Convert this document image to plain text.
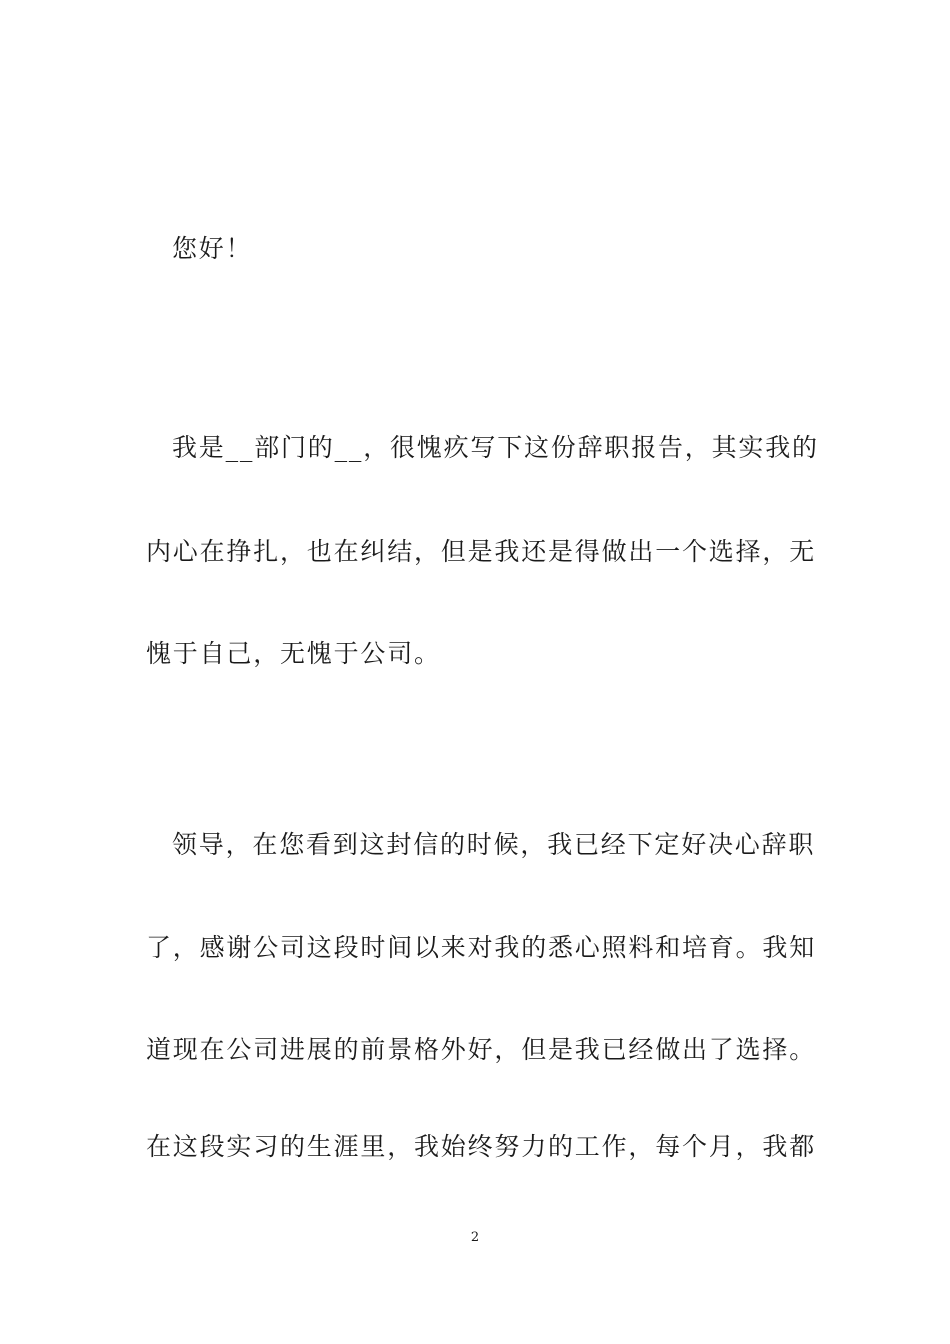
您好！
我是__部门的__，很愧疚写下这份辞职报告，其实我的
内心在挣扎，也在纠结，但是我还是得做出一个选择，无
愧于自己，无愧于公司。
领导，在您看到这封信的时候，我已经下定好决心辞职
了，感谢公司这段时间以来对我的悉心照料和培育。我知
道现在公司进展的前景格外好，但是我已经做出了选择。
在这段实习的生涯里，我始终努力的工作，每个月，我都
2
